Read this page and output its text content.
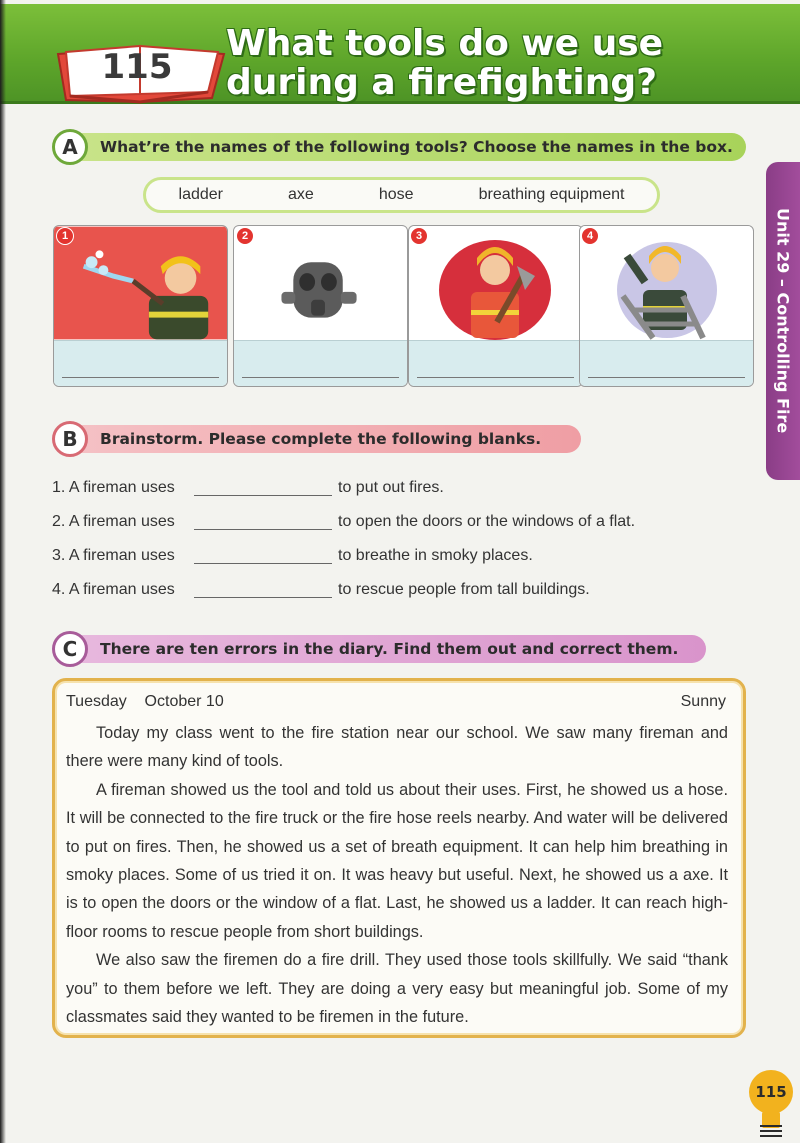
115
What tools do we use
during a firefighting?
Unit 29 – Controlling Fire
A	What’re the names of the following tools? Choose the names in the box.
ladder	axe	hose	breathing equipment
1	2	3	4
B	Brainstorm. Please complete the following blanks.
1. A fireman uses	to put out fires.
2. A fireman uses	to open the doors or the windows of a flat.
3. A fireman uses	to breathe in smoky places.
4. A fireman uses	to rescue people from tall buildings.
C	There are ten errors in the diary. Find them out and correct them.
Tuesday    October 10	Sunny

Today my class went to the fire station near our school. We saw many fireman and there were many kind of tools.

A fireman showed us the tool and told us about their uses. First, he showed us a hose. It will be connected to the fire truck or the fire hose reels nearby. And water will be delivered to put on fires. Then, he showed us a set of breath equipment. It can help him breathing in smoky places. Some of us tried it on. It was heavy but useful. Next, he showed us a axe. It is to open the doors or the window of a flat. Last, he showed us a ladder. It can reach high-floor rooms to rescue people from short buildings.

We also saw the firemen do a fire drill. They used those tools skillfully. We said “thank you” to them before we left. They are doing a very easy but meaningful job. Some of my classmates said they wanted to be firemen in the future.

115
